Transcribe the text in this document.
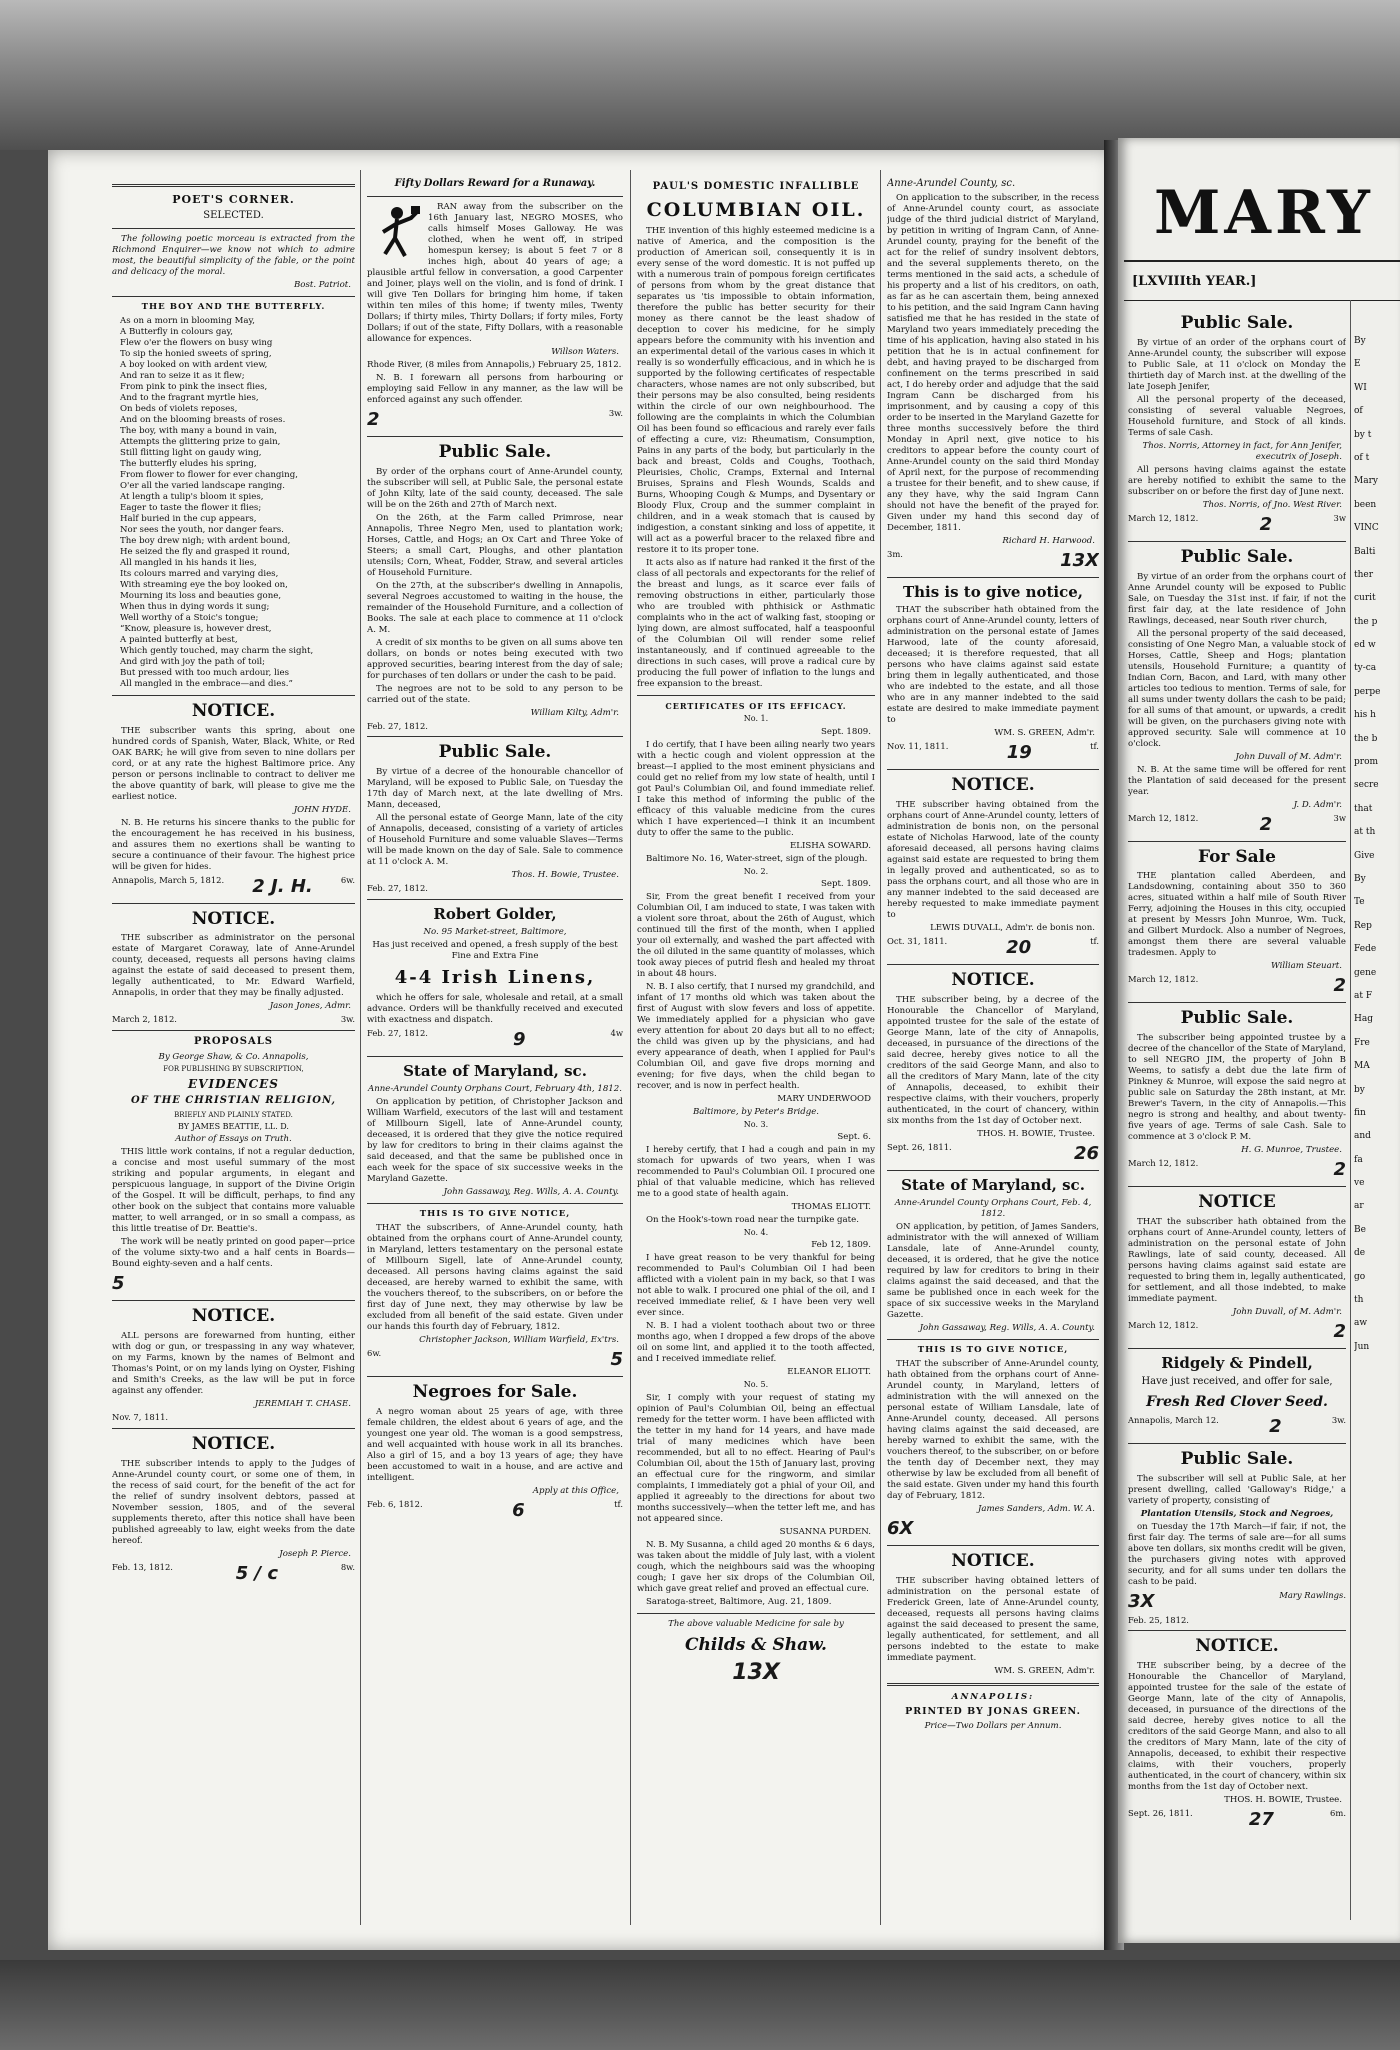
POET'S CORNER.
SELECTED.
The following poetic morceau is extracted from the Richmond Enquirer—we know not which to admire most, the beautiful simplicity of the fable, or the point and delicacy of the moral.
Bost. Patriot.
THE BOY AND THE BUTTERFLY.
As on a morn in blooming May,
A Butterfly in colours gay,
Flew o'er the flowers on busy wing
To sip the honied sweets of spring,
A boy looked on with ardent view,
And ran to seize it as it flew;
From pink to pink the insect flies,
And to the fragrant myrtle hies,
On beds of violets reposes,
And on the blooming breasts of roses.
The boy, with many a bound in vain,
Attempts the glittering prize to gain,
Still flitting light on gaudy wing,
The butterfly eludes his spring,
From flower to flower for ever changing,
O'er all the varied landscape ranging.
At length a tulip's bloom it spies,
Eager to taste the flower it flies;
Half buried in the cup appears,
Nor sees the youth, nor danger fears.
The boy drew nigh; with ardent bound,
He seized the fly and grasped it round,
All mangled in his hands it lies,
Its colours marred and varying dies,
With streaming eye the boy looked on,
Mourning its loss and beauties gone,
When thus in dying words it sung;
Well worthy of a Stoic's tongue;
“Know, pleasure is, however drest,
A painted butterfly at best,
Which gently touched, may charm the sight,
And gird with joy the path of toil;
But pressed with too much ardour, lies
All mangled in the embrace—and dies.”
NOTICE.
THE subscriber wants this spring, about one hundred cords of Spanish, Water, Black, White, or Red OAK BARK; he will give from seven to nine dollars per cord, or at any rate the highest Baltimore price. Any person or persons inclinable to contract to deliver me the above quantity of bark, will please to give me the earliest notice.
JOHN HYDE.
N. B. He returns his sincere thanks to the public for the encouragement he has received in his business, and assures them no exertions shall be wanting to secure a continuance of their favour. The highest price will be given for hides.
Annapolis, March 5, 1812. 2 J. H.	6w.
NOTICE.
THE subscriber as administrator on the personal estate of Margaret Coraway, late of Anne-Arundel county, deceased, requests all persons having claims against the estate of said deceased to present them, legally authenticated, to Mr. Edward Warfield, Annapolis, in order that they may be finally adjusted.
Jason Jones, Admr.
March 2, 1812.	3w.
PROPOSALS
By George Shaw, & Co. Annapolis,
FOR PUBLISHING BY SUBSCRIPTION,
EVIDENCES
OF THE CHRISTIAN RELIGION,
BRIEFLY AND PLAINLY STATED.
BY JAMES BEATTIE, LL. D.
Author of Essays on Truth.
THIS little work contains, if not a regular deduction, a concise and most useful summary of the most striking and popular arguments, in elegant and perspicuous language, in support of the Divine Origin of the Gospel. It will be difficult, perhaps, to find any other book on the subject that contains more valuable matter, to well arranged, or in so small a compass, as this little treatise of Dr. Beattie's.
The work will be neatly printed on good paper—price of the volume sixty-two and a half cents in Boards—Bound eighty-seven and a half cents.
5
NOTICE.
ALL persons are forewarned from hunting, either with dog or gun, or trespassing in any way whatever, on my Farms, known by the names of Belmont and Thomas's Point, or on my lands lying on Oyster, Fishing and Smith's Creeks, as the law will be put in force against any offender.
JEREMIAH T. CHASE.
Nov. 7, 1811.
NOTICE.
THE subscriber intends to apply to the Judges of Anne-Arundel county court, or some one of them, in the recess of said court, for the benefit of the act for the relief of sundry insolvent debtors, passed at November session, 1805, and of the several supplements thereto, after this notice shall have been published agreeably to law, eight weeks from the date hereof.
Joseph P. Pierce.
Feb. 13, 1812.	5 / c	8w.
Fifty Dollars Reward for a Runaway.
RAN away from the subscriber on the 16th January last, NEGRO MOSES, who calls himself Moses Galloway. He was clothed, when he went off, in striped homespun kersey; is about 5 feet 7 or 8 inches high, about 40 years of age; a plausible artful fellow in conversation, a good Carpenter and Joiner, plays well on the violin, and is fond of drink. I will give Ten Dollars for bringing him home, if taken within ten miles of this home; if twenty miles, Twenty Dollars; if thirty miles, Thirty Dollars; if forty miles, Forty Dollars; if out of the state, Fifty Dollars, with a reasonable allowance for expences.
Willson Waters.
Rhode River, (8 miles from Annapolis,) February 25, 1812.
N. B. I forewarn all persons from harbouring or employing said Fellow in any manner, as the law will be enforced against any such offender.
2	3w.
Public Sale.
By order of the orphans court of Anne-Arundel county, the subscriber will sell, at Public Sale, the personal estate of John Kilty, late of the said county, deceased. The sale will be on the 26th and 27th of March next.
On the 26th, at the Farm called Primrose, near Annapolis, Three Negro Men, used to plantation work; Horses, Cattle, and Hogs; an Ox Cart and Three Yoke of Steers; a small Cart, Ploughs, and other plantation utensils; Corn, Wheat, Fodder, Straw, and several articles of Household Furniture.
On the 27th, at the subscriber's dwelling in Annapolis, several Negroes accustomed to waiting in the house, the remainder of the Household Furniture, and a collection of Books. The sale at each place to commence at 11 o'clock A. M.
A credit of six months to be given on all sums above ten dollars, on bonds or notes being executed with two approved securities, bearing interest from the day of sale; for purchases of ten dollars or under the cash to be paid.
The negroes are not to be sold to any person to be carried out of the state.
William Kilty, Adm'r.
Feb. 27, 1812.
Public Sale.
By virtue of a decree of the honourable chancellor of Maryland, will be exposed to Public Sale, on Tuesday the 17th day of March next, at the late dwelling of Mrs. Mann, deceased,
All the personal estate of George Mann, late of the city of Annapolis, deceased, consisting of a variety of articles of Household Furniture and some valuable Slaves—Terms will be made known on the day of Sale. Sale to commence at 11 o'clock A. M.
Thos. H. Bowie, Trustee.
Feb. 27, 1812.
Robert Golder,
No. 95 Market-street, Baltimore,
Has just received and opened, a fresh supply of the best Fine and Extra Fine
4-4 Irish Linens,
which he offers for sale, wholesale and retail, at a small advance. Orders will be thankfully received and executed with exactness and dispatch.
Feb. 27, 1812.	9	4w
State of Maryland, sc.
Anne-Arundel County Orphans Court, February 4th, 1812.
On application by petition, of Christopher Jackson and William Warfield, executors of the last will and testament of Millbourn Sigell, late of Anne-Arundel county, deceased, it is ordered that they give the notice required by law for creditors to bring in their claims against the said deceased, and that the same be published once in each week for the space of six successive weeks in the Maryland Gazette.
John Gassaway, Reg. Wills, A. A. County.
THIS IS TO GIVE NOTICE,
THAT the subscribers, of Anne-Arundel county, hath obtained from the orphans court of Anne-Arundel county, in Maryland, letters testamentary on the personal estate of Millbourn Sigell, late of Anne-Arundel county, deceased. All persons having claims against the said deceased, are hereby warned to exhibit the same, with the vouchers thereof, to the subscribers, on or before the first day of June next, they may otherwise by law be excluded from all benefit of the said estate. Given under our hands this fourth day of February, 1812.
Christopher Jackson, William Warfield, Ex'trs.
6w.	5
Negroes for Sale.
A negro woman about 25 years of age, with three female children, the eldest about 6 years of age, and the youngest one year old. The woman is a good sempstress, and well acquainted with house work in all its branches. Also a girl of 15, and a boy 13 years of age; they have been accustomed to wait in a house, and are active and intelligent.
Apply at this Office,
Feb. 6, 1812.	6	tf.
PAUL'S DOMESTIC INFALLIBLE
COLUMBIAN OIL.
THE invention of this highly esteemed medicine is a native of America, and the composition is the production of American soil, consequently it is in every sense of the word domestic. It is not puffed up with a numerous train of pompous foreign certificates of persons from whom by the great distance that separates us 'tis impossible to obtain information, therefore the public has better security for their money as there cannot be the least shadow of deception to cover his medicine, for he simply appears before the community with his invention and an experimental detail of the various cases in which it really is so wonderfully efficacious, and in which he is supported by the following certificates of respectable characters, whose names are not only subscribed, but their persons may be also consulted, being residents within the circle of our own neighbourhood. The following are the complaints in which the Columbian Oil has been found so efficacious and rarely ever fails of effecting a cure, viz: Rheumatism, Consumption, Pains in any parts of the body, but particularly in the back and breast, Colds and Coughs, Toothach, Pleurisies, Cholic, Cramps, External and Internal Bruises, Sprains and Flesh Wounds, Scalds and Burns, Whooping Cough & Mumps, and Dysentary or Bloody Flux, Croup and the summer complaint in children, and in a weak stomach that is caused by indigestion, a constant sinking and loss of appetite, it will act as a powerful bracer to the relaxed fibre and restore it to its proper tone.
It acts also as if nature had ranked it the first of the class of all pectorals and expectorants for the relief of the breast and lungs, as it scarce ever fails of removing obstructions in either, particularly those who are troubled with phthisick or Asthmatic complaints who in the act of walking fast, stooping or lying down, are almost suffocated, half a teaspoonful of the Columbian Oil will render some relief instantaneously, and if continued agreeable to the directions in such cases, will prove a radical cure by producing the full power of inflation to the lungs and free expansion to the breast.
CERTIFICATES OF ITS EFFICACY.
No. 1.
Sept. 1809.
I do certify, that I have been ailing nearly two years with a hectic cough and violent oppression at the breast—I applied to the most eminent physicians and could get no relief from my low state of health, until I got Paul's Columbian Oil, and found immediate relief. I take this method of informing the public of the efficacy of this valuable medicine from the cures which I have experienced—I think it an incumbent duty to offer the same to the public.
ELISHA SOWARD.
Baltimore No. 16, Water-street, sign of the plough.
No. 2.
Sept. 1809.
Sir, From the great benefit I received from your Columbian Oil, I am induced to state, I was taken with a violent sore throat, about the 26th of August, which continued till the first of the month, when I applied your oil externally, and washed the part affected with the oil diluted in the same quantity of molasses, which took away pieces of putrid flesh and healed my throat in about 48 hours.
N. B. I also certify, that I nursed my grandchild, and infant of 17 months old which was taken about the first of August with slow fevers and loss of appetite. We immediately applied for a physician who gave every attention for about 20 days but all to no effect; the child was given up by the physicians, and had every appearance of death, when I applied for Paul's Columbian Oil, and gave five drops morning and evening; for five days, when the child began to recover, and is now in perfect health.
MARY UNDERWOOD
Baltimore, by Peter's Bridge.
No. 3.
Sept. 6.
I hereby certify, that I had a cough and pain in my stomach for upwards of two years, when I was recommended to Paul's Columbian Oil. I procured one phial of that valuable medicine, which has relieved me to a good state of health again.
THOMAS ELIOTT.
On the Hook's-town road near the turnpike gate.
No. 4.
Feb 12, 1809.
I have great reason to be very thankful for being recommended to Paul's Columbian Oil I had been afflicted with a violent pain in my back, so that I was not able to walk. I procured one phial of the oil, and I received immediate relief, & I have been very well ever since.
N. B. I had a violent toothach about two or three months ago, when I dropped a few drops of the above oil on some lint, and applied it to the tooth affected, and I received immediate relief.
ELEANOR ELIOTT.
No. 5.
Sir, I comply with your request of stating my opinion of Paul's Columbian Oil, being an effectual remedy for the tetter worm. I have been afflicted with the tetter in my hand for 14 years, and have made trial of many medicines which have been recommended, but all to no effect. Hearing of Paul's Columbian Oil, about the 15th of January last, proving an effectual cure for the ringworm, and similar complaints, I immediately got a phial of your Oil, and applied it agreeably to the directions for about two months successively—when the tetter left me, and has not appeared since.
SUSANNA PURDEN.
N. B. My Susanna, a child aged 20 months & 6 days, was taken about the middle of July last, with a violent cough, which the neighbours said was the whooping cough; I gave her six drops of the Columbian Oil, which gave great relief and proved an effectual cure.
Saratoga-street, Baltimore, Aug. 21, 1809.
The above valuable Medicine for sale by
Childs & Shaw.
13X
Anne-Arundel County, sc.
On application to the subscriber, in the recess of Anne-Arundel county court, as associate judge of the third judicial district of Maryland, by petition in writing of Ingram Cann, of Anne-Arundel county, praying for the benefit of the act for the relief of sundry insolvent debtors, and the several supplements thereto, on the terms mentioned in the said acts, a schedule of his property and a list of his creditors, on oath, as far as he can ascertain them, being annexed to his petition, and the said Ingram Cann having satisfied me that he has resided in the state of Maryland two years immediately preceding the time of his application, having also stated in his petition that he is in actual confinement for debt, and having prayed to be discharged from confinement on the terms prescribed in said act, I do hereby order and adjudge that the said Ingram Cann be discharged from his imprisonment, and by causing a copy of this order to be inserted in the Maryland Gazette for three months successively before the third Monday in April next, give notice to his creditors to appear before the county court of Anne-Arundel county on the said third Monday of April next, for the purpose of recommending a trustee for their benefit, and to shew cause, if any they have, why the said Ingram Cann should not have the benefit of the prayed for. Given under my hand this second day of December, 1811.
Richard H. Harwood.
3m.	13X
This is to give notice,
THAT the subscriber hath obtained from the orphans court of Anne-Arundel county, letters of administration on the personal estate of James Harwood, late of the county aforesaid, deceased; it is therefore requested, that all persons who have claims against said estate bring them in legally authenticated, and those who are indebted to the estate, and all those who are in any manner indebted to the said estate are desired to make immediate payment to
WM. S. GREEN, Adm'r.
Nov. 11, 1811.	19	tf.
NOTICE.
THE subscriber having obtained from the orphans court of Anne-Arundel county, letters of administration de bonis non, on the personal estate of Nicholas Harwood, late of the county aforesaid deceased, all persons having claims against said estate are requested to bring them in legally proved and authenticated, so as to pass the orphans court, and all those who are in any manner indebted to the said deceased are hereby requested to make immediate payment to
LEWIS DUVALL, Adm'r. de bonis non.
Oct. 31, 1811.	20	tf.
NOTICE.
THE subscriber being, by a decree of the Honourable the Chancellor of Maryland, appointed trustee for the sale of the estate of George Mann, late of the city of Annapolis, deceased, in pursuance of the directions of the said decree, hereby gives notice to all the creditors of the said George Mann, and also to all the creditors of Mary Mann, late of the city of Annapolis, deceased, to exhibit their respective claims, with their vouchers, properly authenticated, in the court of chancery, within six months from the 1st day of October next.
THOS. H. BOWIE, Trustee.
Sept. 26, 1811.	26
State of Maryland, sc.
Anne-Arundel County Orphans Court, Feb. 4, 1812.
ON application, by petition, of James Sanders, administrator with the will annexed of William Lansdale, late of Anne-Arundel county, deceased, it is ordered, that he give the notice required by law for creditors to bring in their claims against the said deceased, and that the same be published once in each week for the space of six successive weeks in the Maryland Gazette.
John Gassaway, Reg. Wills, A. A. County.
THIS IS TO GIVE NOTICE,
THAT the subscriber of Anne-Arundel county, hath obtained from the orphans court of Anne-Arundel county, in Maryland, letters of administration with the will annexed on the personal estate of William Lansdale, late of Anne-Arundel county, deceased. All persons having claims against the said deceased, are hereby warned to exhibit the same, with the vouchers thereof, to the subscriber, on or before the tenth day of December next, they may otherwise by law be excluded from all benefit of the said estate. Given under my hand this fourth day of February, 1812.
James Sanders, Adm. W. A.
6X
NOTICE.
THE subscriber having obtained letters of administration on the personal estate of Frederick Green, late of Anne-Arundel county, deceased, requests all persons having claims against the said deceased to present the same, legally authenticated, for settlement, and all persons indebted to the estate to make immediate payment.
WM. S. GREEN, Adm'r.
ANNAPOLIS:
PRINTED BY JONAS GREEN.
Price—Two Dollars per Annum.
MARY
[LXVIIIth YEAR.]
Public Sale.
By virtue of an order of the orphans court of Anne-Arundel county, the subscriber will expose to Public Sale, at 11 o'clock on Monday the thirtieth day of March inst. at the dwelling of the late Joseph Jenifer,
All the personal property of the deceased, consisting of several valuable Negroes, Household furniture, and Stock of all kinds. Terms of sale Cash.
Thos. Norris, Attorney in fact, for Ann Jenifer, executrix of Joseph.
All persons having claims against the estate are hereby notified to exhibit the same to the subscriber on or before the first day of June next.
Thos. Norris, of Jno. West River.
March 12, 1812.	2	3w
Public Sale.
By virtue of an order from the orphans court of Anne Arundel county will be exposed to Public Sale, on Tuesday the 31st inst. if fair, if not the first fair day, at the late residence of John Rawlings, deceased, near South river church,
All the personal property of the said deceased, consisting of One Negro Man, a valuable stock of Horses, Cattle, Sheep and Hogs; plantation utensils, Household Furniture; a quantity of Indian Corn, Bacon, and Lard, with many other articles too tedious to mention. Terms of sale, for all sums under twenty dollars the cash to be paid; for all sums of that amount, or upwards, a credit will be given, on the purchasers giving note with approved security. Sale will commence at 10 o'clock.
John Duvall of M. Adm'r.
N. B. At the same time will be offered for rent the Plantation of said deceased for the present year.
J. D. Adm'r.
March 12, 1812.	2	3w
For Sale
THE plantation called Aberdeen, and Landsdowning, containing about 350 to 360 acres, situated within a half mile of South River Ferry, adjoining the Houses in this city, occupied at present by Messrs John Munroe, Wm. Tuck, and Gilbert Murdock. Also a number of Negroes, amongst them there are several valuable tradesmen. Apply to
William Steuart.
March 12, 1812.	2
Public Sale.
The subscriber being appointed trustee by a decree of the chancellor of the State of Maryland, to sell NEGRO JIM, the property of John B Weems, to satisfy a debt due the late firm of Pinkney & Munroe, will expose the said negro at public sale on Saturday the 28th instant, at Mr. Brewer's Tavern, in the city of Annapolis.—This negro is strong and healthy, and about twenty-five years of age. Terms of sale Cash. Sale to commence at 3 o'clock P. M.
H. G. Munroe, Trustee.
March 12, 1812.	2
NOTICE
THAT the subscriber hath obtained from the orphans court of Anne-Arundel county, letters of administration on the personal estate of John Rawlings, late of said county, deceased. All persons having claims against said estate are requested to bring them in, legally authenticated, for settlement, and all those indebted, to make immediate payment.
John Duvall, of M. Adm'r.
March 12, 1812.	2
Ridgely & Pindell,
Have just received, and offer for sale,
Fresh Red Clover Seed.
Annapolis, March 12.	2	3w.
Public Sale.
The subscriber will sell at Public Sale, at her present dwelling, called 'Galloway's Ridge,' a variety of property, consisting of
Plantation Utensils, Stock and Negroes,
on Tuesday the 17th March—if fair, if not, the first fair day. The terms of sale are—for all sums above ten dollars, six months credit will be given, the purchasers giving notes with approved security, and for all sums under ten dollars the cash to be paid.
3X	Mary Rawlings.
Feb. 25, 1812.
NOTICE.
THE subscriber being, by a decree of the Honourable the Chancellor of Maryland, appointed trustee for the sale of the estate of George Mann, late of the city of Annapolis, deceased, in pursuance of the directions of the said decree, hereby gives notice to all the creditors of the said George Mann, and also to all the creditors of Mary Mann, late of the city of Annapolis, deceased, to exhibit their respective claims, with their vouchers, properly authenticated, in the court of chancery, within six months from the 1st day of October next.
THOS. H. BOWIE, Trustee.
Sept. 26, 1811.	27	6m.
By
E
WI
of
by t
of t
Mary
been
VINC
Balti
ther
curit
the p
ed w
ty-ca
perpe
his h
the b
prom
secre
that
at th
Give
By
Te
Rep
Fede
gene
at F
Hag
Fre
MA
by
fin
and
fa
ve
ar
Be
de
go
th
aw
Jun
